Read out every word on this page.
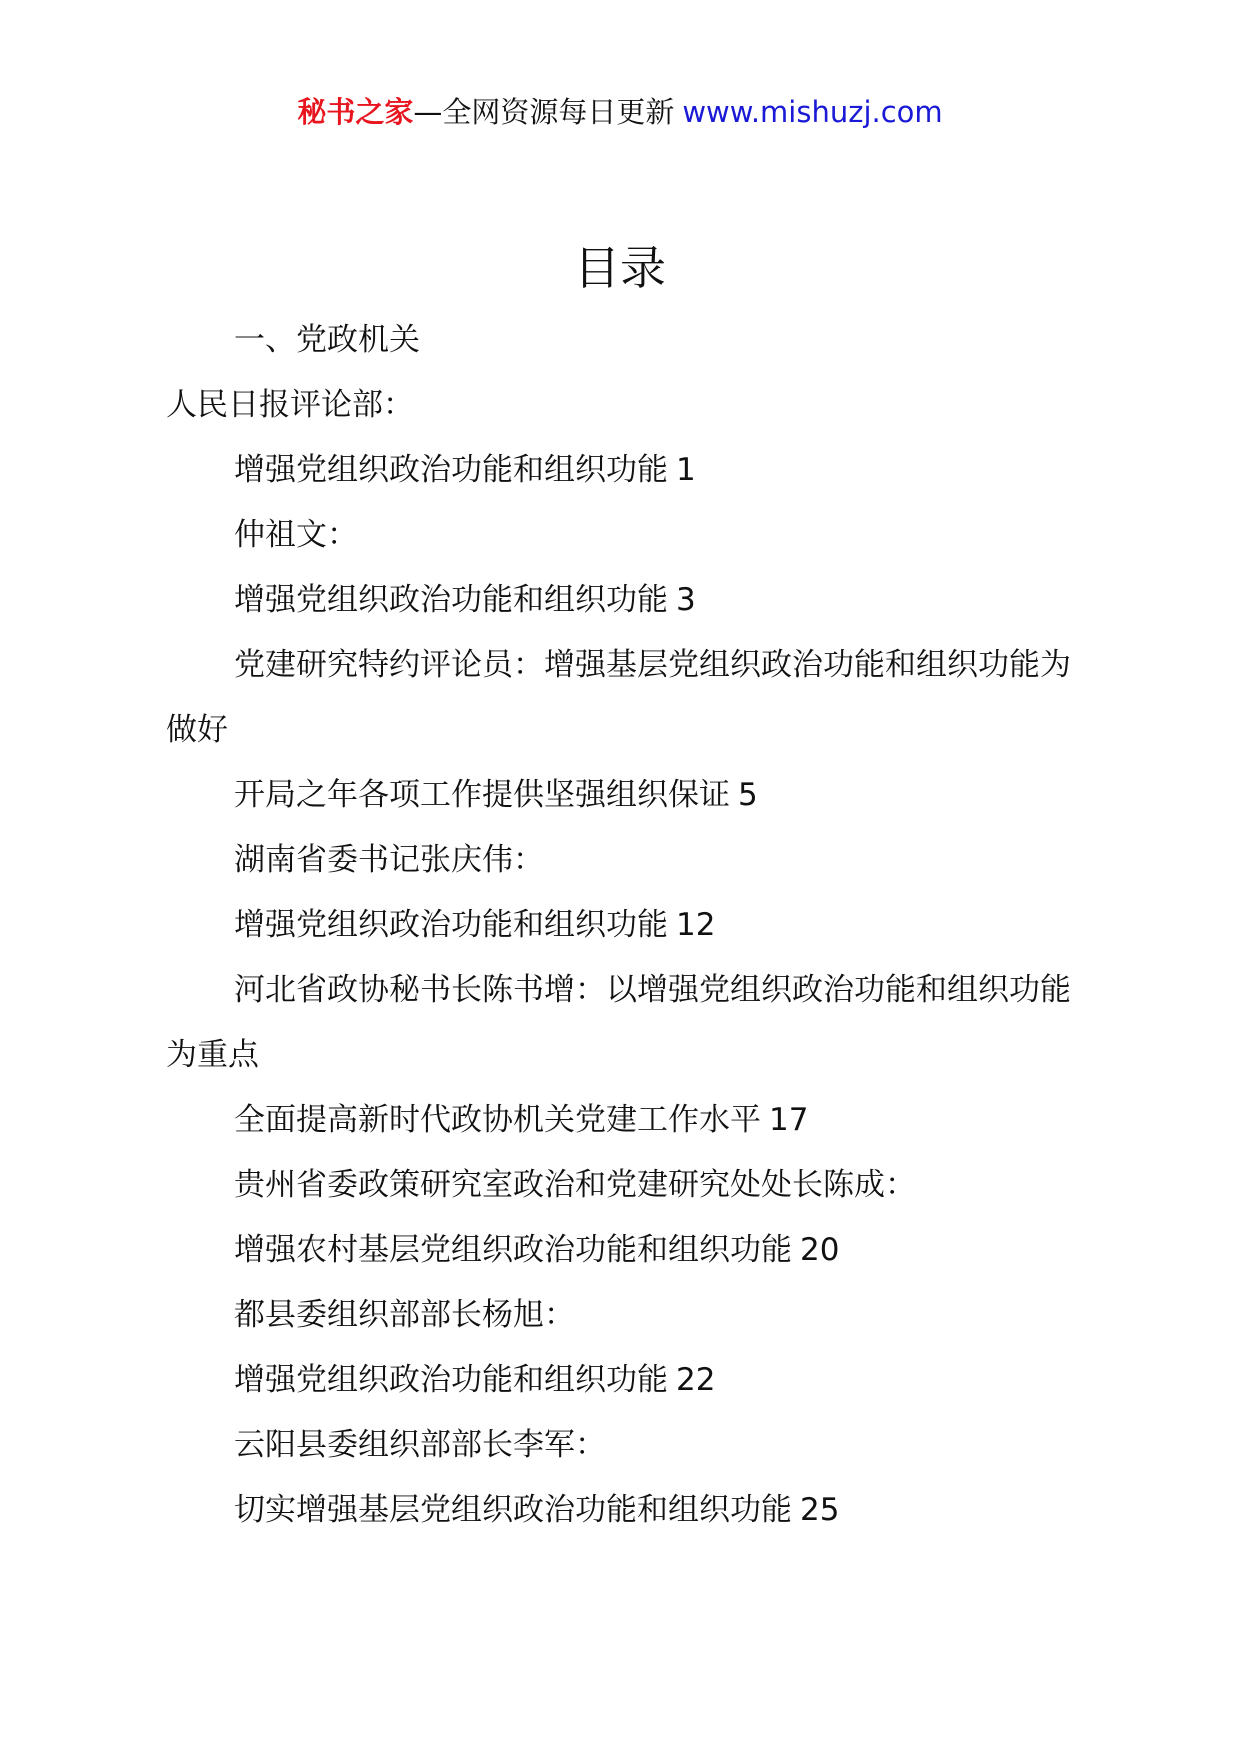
秘书之家—全网资源每日更新 www.mishuzj.com
目录

一、党政机关

人民日报评论部：

增强党组织政治功能和组织功能 1

仲祖文：

增强党组织政治功能和组织功能 3

党建研究特约评论员：增强基层党组织政治功能和组织功能为做好

开局之年各项工作提供坚强组织保证 5

湖南省委书记张庆伟：

增强党组织政治功能和组织功能 12

河北省政协秘书长陈书增：以增强党组织政治功能和组织功能为重点

全面提高新时代政协机关党建工作水平 17

贵州省委政策研究室政治和党建研究处处长陈成：

增强农村基层党组织政治功能和组织功能 20

都县委组织部部长杨旭：

增强党组织政治功能和组织功能 22

云阳县委组织部部长李军：

切实增强基层党组织政治功能和组织功能 25
